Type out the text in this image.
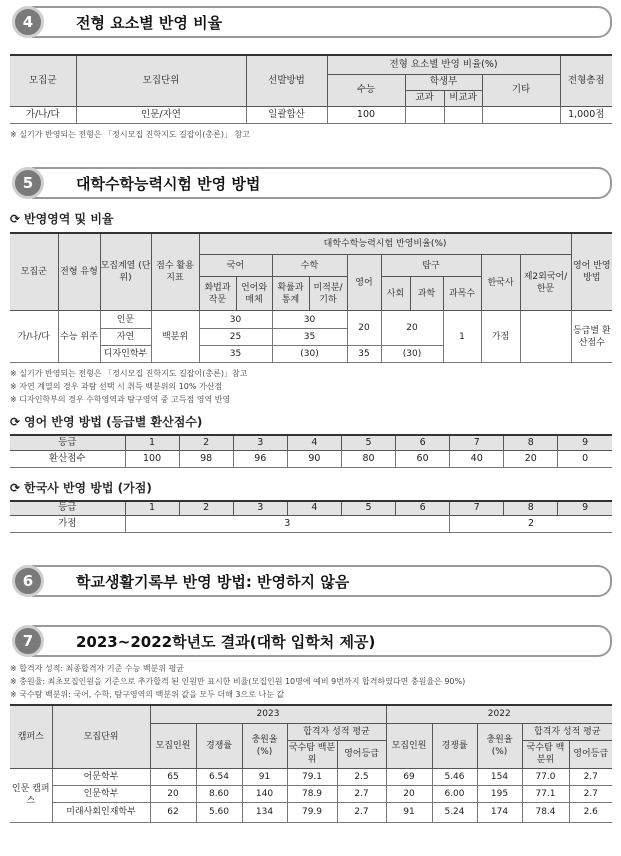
4	전형 요소별 반영 비율
모집군	모집단위	선발방법	전형 요소별 반영 비율(%)				전형총점
			수능	학생부		기타	
				교과	비교과		
가/나/다	인문/자연	일괄합산	100				1,000점
※ 실기가 반영되는 전형은 「정시모집 진학지도 길잡이(총론)」 참고
5	대학수학능력시험 반영 방법
⟳ 반영영역 및 비율
모집군	전형 유형	모집계열 (단위)	점수 활용 지표	대학수학능력시험 반영비율(%)										영어 반영 방법
				국어		수학		영어	탐구			한국사	제2외국어/ 한문	
				화법과 작문	언어와 매체	확률과 통계	미적분/ 기하		사회	과학	과목수			
가/나/다	수능 위주	인문	백분위	30		30		20	20		1	가점		등급별 환산점수
		자연		25		35								
		디자인학부		35		(30)		35	(30)					
※ 실기가 반영되는 전형은 「정시모집 진학지도 길잡이(총론)」참고
※ 자연 계열의 경우 과탐 선택 시 취득 백분위의 10% 가산점
※ 디자인학부의 경우 수학영역과 탐구영역 중 고득점 영역 반영
⟳ 영어 반영 방법 (등급별 환산점수)
등급	1	2	3	4	5	6	7	8	9
환산점수	100	98	96	90	80	60	40	20	0
⟳ 한국사 반영 방법 (가점)
등급	1	2	3	4	5	6	7	8	9
가점	3						2		
6	학교생활기록부 반영 방법: 반영하지 않음
7	2023~2022학년도 결과(대학 입학처 제공)
※ 합격자 성적: 최종합격자 기준 수능 백분위 평균
※ 충원율: 최초모집인원을 기준으로 추가합격 된 인원만 표시한 비율(모집인원 10명에 예비 9번까지 합격하였다면 충원율은 90%)
※ 국수탐 백분위: 국어, 수학, 탐구영역의 백분위 값을 모두 더해 3으로 나눈 값
캠퍼스	모집단위	2023					2022				
		모집인원	경쟁률	충원율 (%)	합격자 성적 평균		모집인원	경쟁률	충원율 (%)	합격자 성적 평균	
					국수탐 백분위	영어등급				국수탐 백분위	영어등급
인문 캠퍼스	어문학부	65	6.54	91	79.1	2.5	69	5.46	154	77.0	2.7
	인문학부	20	8.60	140	78.9	2.7	20	6.00	195	77.1	2.7
	미래사회인재학부	62	5.60	134	79.9	2.7	91	5.24	174	78.4	2.6
